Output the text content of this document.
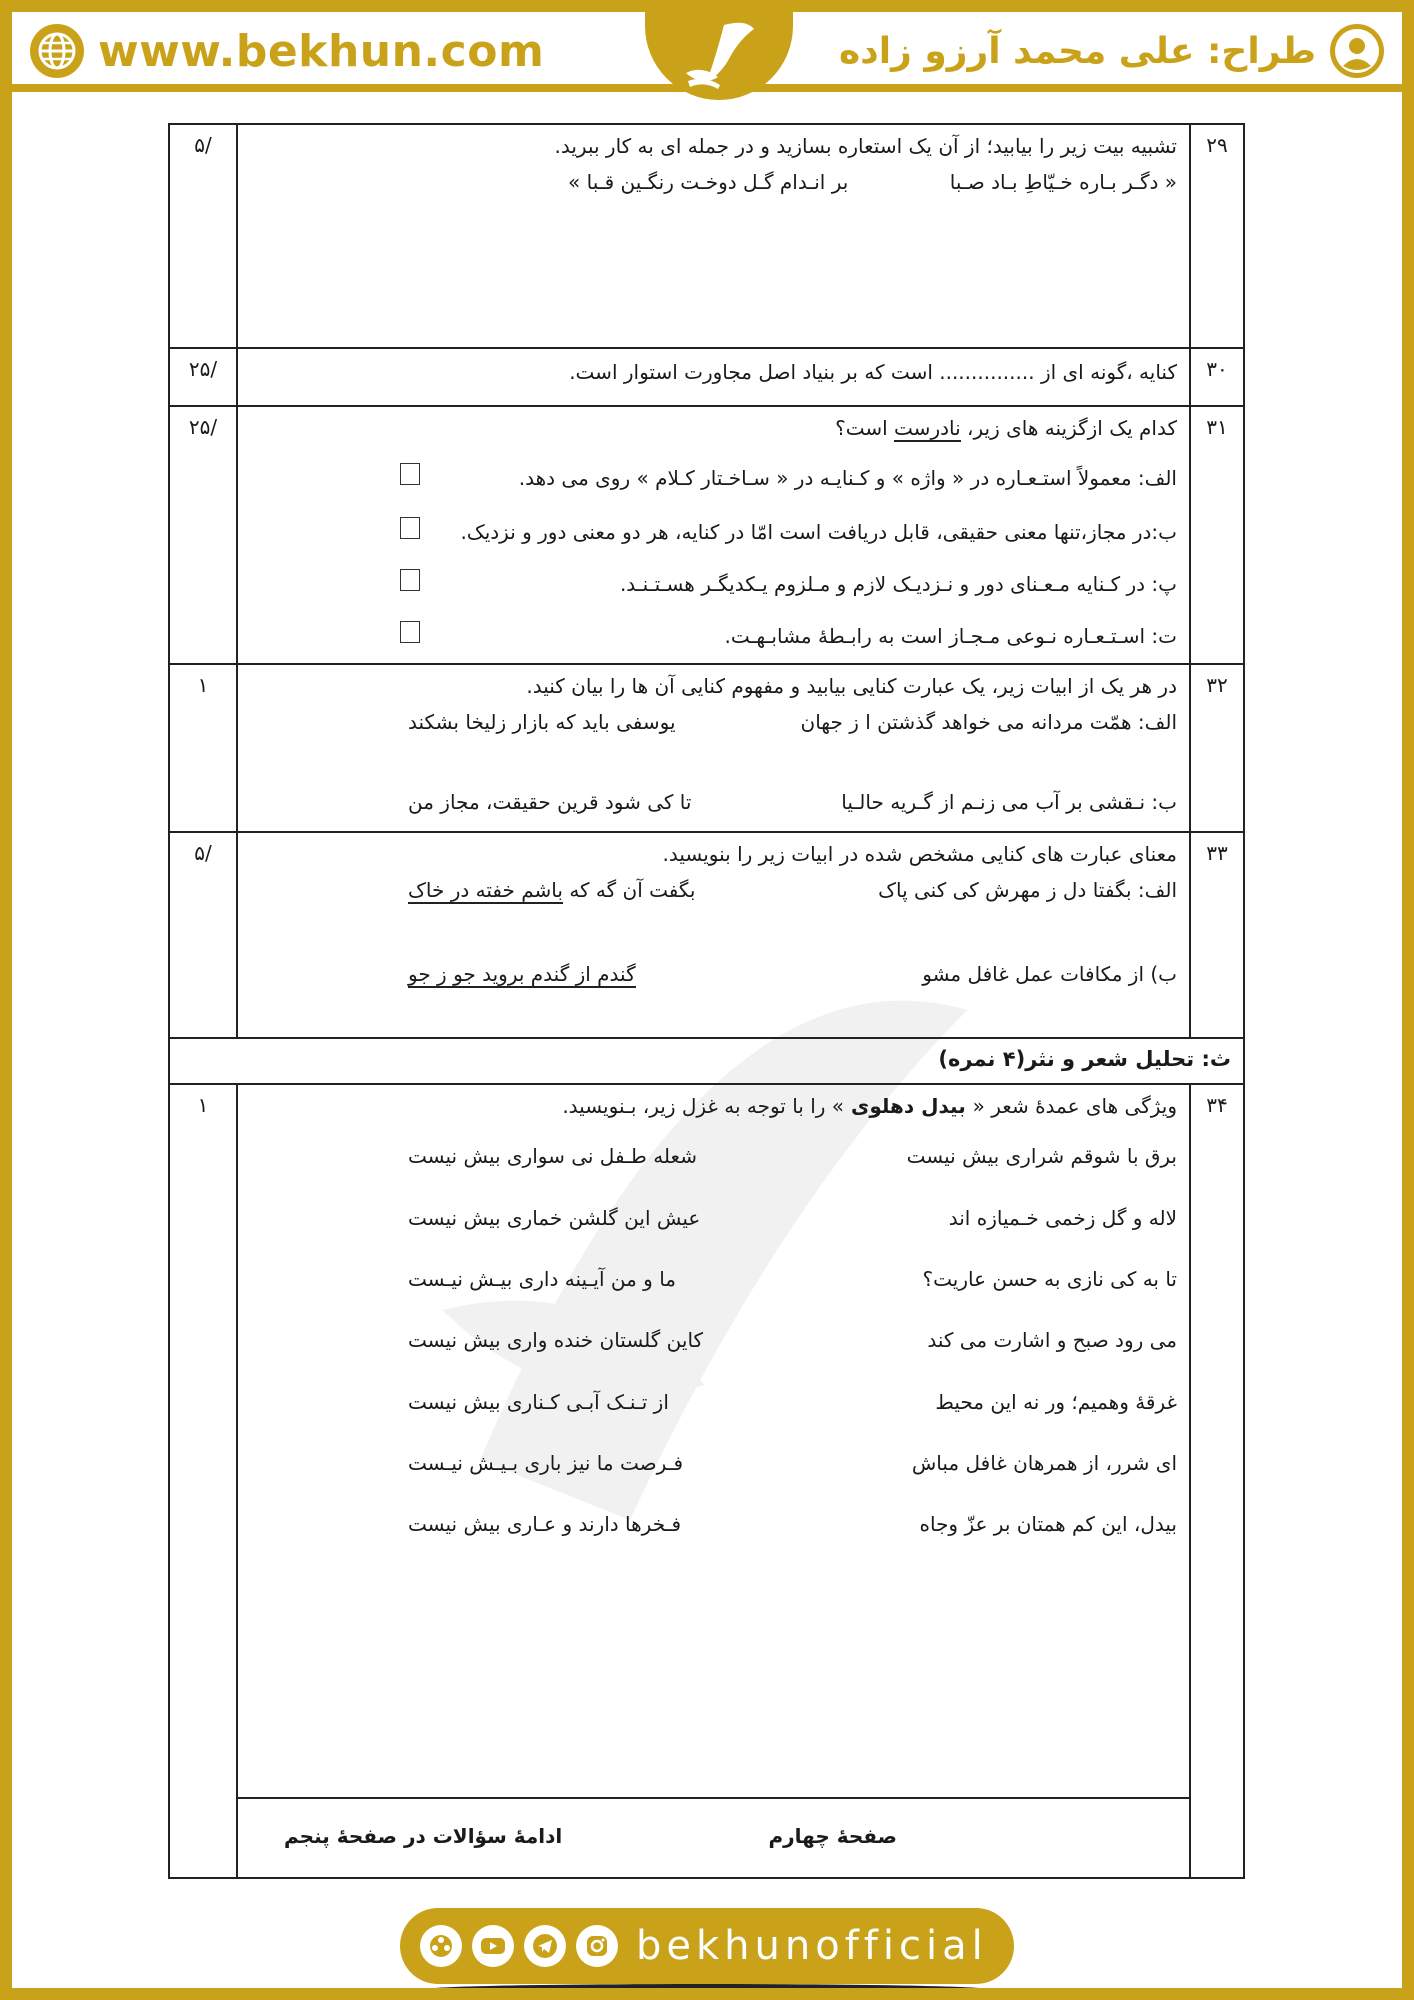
www.bekhun.com	طراح: علی محمد آرزو زاده
۲۹
تشبیه بیت زیر را بیابید؛ از آن یک استعاره بسازید و در جمله ای به کار ببرید.
« دگـر بـاره خـیّاطِ بـاد صـبا
بر انـدام گـل دوخـت رنگـین قـبا »
/۵
۳۰
کنایه ،گونه ای از ............... است که بر بنیاد اصل مجاورت استوار است.
/۲۵
۳۱
کدام یک ازگزینه های زیر، نادرست است؟
الف: معمولاً استـعـاره در « واژه » و کـنایـه در « سـاخـتار کـلام » روی می دهد.
ب:در مجاز،تنها معنی حقیقی، قابل دریافت است امّا در کنایه، هر دو معنی دور و نزدیک.
پ: در کـنایه مـعـنای دور و نـزدیـک لازم و مـلزوم یـکدیگـر هسـتـنـد.
ت: اسـتـعـاره نـوعی مـجـاز است به رابـطۀ مشابـهـت.
/۲۵
۳۲
در هر یک از ابیات زیر، یک عبارت کنایی بیابید و مفهوم کنایی آن ها را بیان کنید.
الف: همّت مردانه می خواهد گذشتن ا ز جهان
یوسفی باید که بازار زلیخا بشکند
ب: نـقشی بر آب می زنـم از گـریه حالـیا
تا کی شود قرین حقیقت، مجاز من
۱
۳۳
معنای عبارت های کنایی مشخص شده در ابیات زیر را بنویسید.
الف: بگفتا دل ز مهرش کی کنی پاک
بگفت آن گه که باشم خفته در خاک
ب) از مکافات عمل غافل مشو
گندم از گندم بروید جو ز جو
/۵
ث: تحلیل شعر و نثر(۴ نمره)
۳۴
ویژگی های عمدۀ شعر « بیدل دهلوی » را با توجه به غزل زیر، بـنویسید.
برق با شوقم شراری بیش نیست
شعله طـفل نی سواری بیش نیست
لاله و گل زخمی خـمیازه اند
عیش این گلشن خماری بیش نیست
تا به کی نازی به حسن عاریت؟
ما و من آیـینه داری بیـش نیـست
می رود صبح و اشارت می کند
کاین گلستان خنده واری بیش نیست
غرقۀ وهمیم؛ ور نه این محیط
از تـنـک آبـی کـناری بیش نیست
ای شرر، از همرهان غافل مباش
فـرصت ما نیز باری بـیـش نیـست
بیدل، این کم همتان بر عزّ وجاه
فـخرها دارند و عـاری بیش نیست
صفحۀ چهارم
ادامۀ سؤالات در صفحۀ پنجم
۱
bekhunofficial
